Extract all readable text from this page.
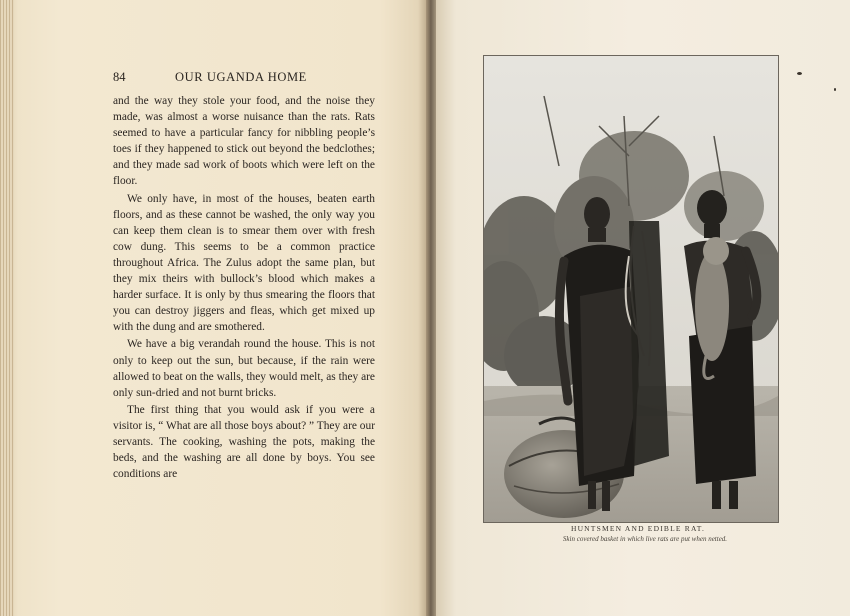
84	OUR UGANDA HOME

and the way they stole your food, and the noise they made, was almost a worse nuisance than the rats. Rats seemed to have a particular fancy for nibbling people’s toes if they happened to stick out beyond the bedclothes; and they made sad work of boots which were left on the floor.

We only have, in most of the houses, beaten earth floors, and as these cannot be washed, the only way you can keep them clean is to smear them over with fresh cow dung. This seems to be a common practice throughout Africa. The Zulus adopt the same plan, but they mix theirs with bullock’s blood which makes a harder surface. It is only by thus smearing the floors that you can destroy jiggers and fleas, which get mixed up with the dung and are smothered.

We have a big verandah round the house. This is not only to keep out the sun, but because, if the rain were allowed to beat on the walls, they would melt, as they are only sun-dried and not burnt bricks.

The first thing that you would ask if you were a visitor is, “ What are all those boys about? ” They are our servants. The cooking, washing the pots, making the beds, and the washing are all done by boys. You see conditions are

HUNTSMEN AND EDIBLE RAT.
Skin covered basket in which live rats are put when netted.
